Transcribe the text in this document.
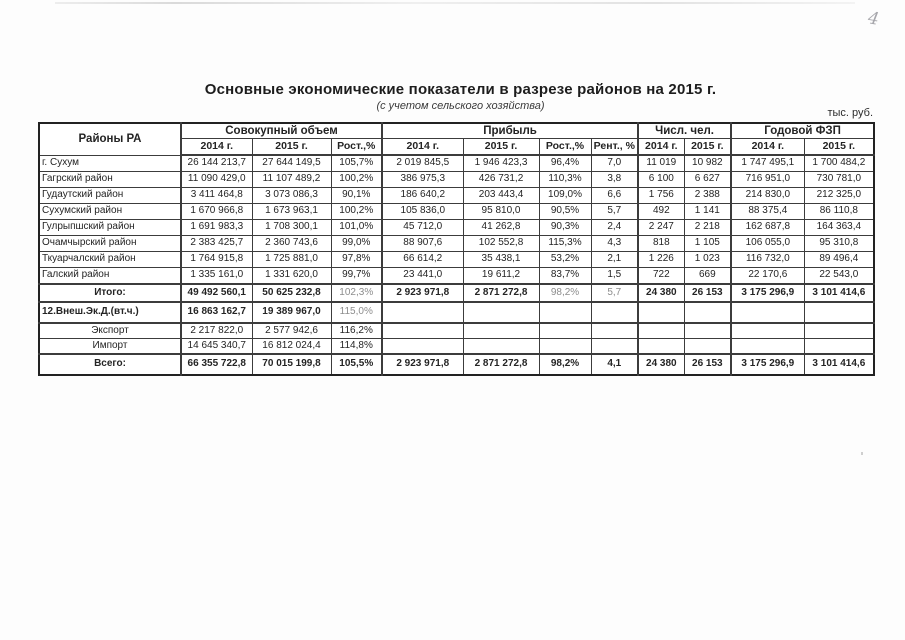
4
Основные экономические показатели в разрезе районов на 2015 г.
(с учетом сельского хозяйства)
тыс. руб.
Районы РА	Совокупный объем			Прибыль				Числ. чел.		Годовой ФЗП	
	2014 г.	2015 г.	Рост.,%	2014 г.	2015 г.	Рост.,%	Рент., %	2014 г.	2015 г.	2014 г.	2015 г.
г. Сухум	26 144 213,7	27 644 149,5	105,7%	2 019 845,5	1 946 423,3	96,4%	7,0	11 019	10 982	1 747 495,1	1 700 484,2
Гагрский район	11 090 429,0	11 107 489,2	100,2%	386 975,3	426 731,2	110,3%	3,8	6 100	6 627	716 951,0	730 781,0
Гудаутский район	3 411 464,8	3 073 086,3	90,1%	186 640,2	203 443,4	109,0%	6,6	1 756	2 388	214 830,0	212 325,0
Сухумский район	1 670 966,8	1 673 963,1	100,2%	105 836,0	95 810,0	90,5%	5,7	492	1 141	88 375,4	86 110,8
Гулрыпшский район	1 691 983,3	1 708 300,1	101,0%	45 712,0	41 262,8	90,3%	2,4	2 247	2 218	162 687,8	164 363,4
Очамчырский район	2 383 425,7	2 360 743,6	99,0%	88 907,6	102 552,8	115,3%	4,3	818	1 105	106 055,0	95 310,8
Ткуарчалский район	1 764 915,8	1 725 881,0	97,8%	66 614,2	35 438,1	53,2%	2,1	1 226	1 023	116 732,0	89 496,4
Галский район	1 335 161,0	1 331 620,0	99,7%	23 441,0	19 611,2	83,7%	1,5	722	669	22 170,6	22 543,0
Итого:	49 492 560,1	50 625 232,8	102,3%	2 923 971,8	2 871 272,8	98,2%	5,7	24 380	26 153	3 175 296,9	3 101 414,6
12.Внеш.Эк.Д.(вт.ч.)	16 863 162,7	19 389 967,0	115,0%								
Экспорт	2 217 822,0	2 577 942,6	116,2%								
Импорт	14 645 340,7	16 812 024,4	114,8%								
Всего:	66 355 722,8	70 015 199,8	105,5%	2 923 971,8	2 871 272,8	98,2%	4,1	24 380	26 153	3 175 296,9	3 101 414,6
